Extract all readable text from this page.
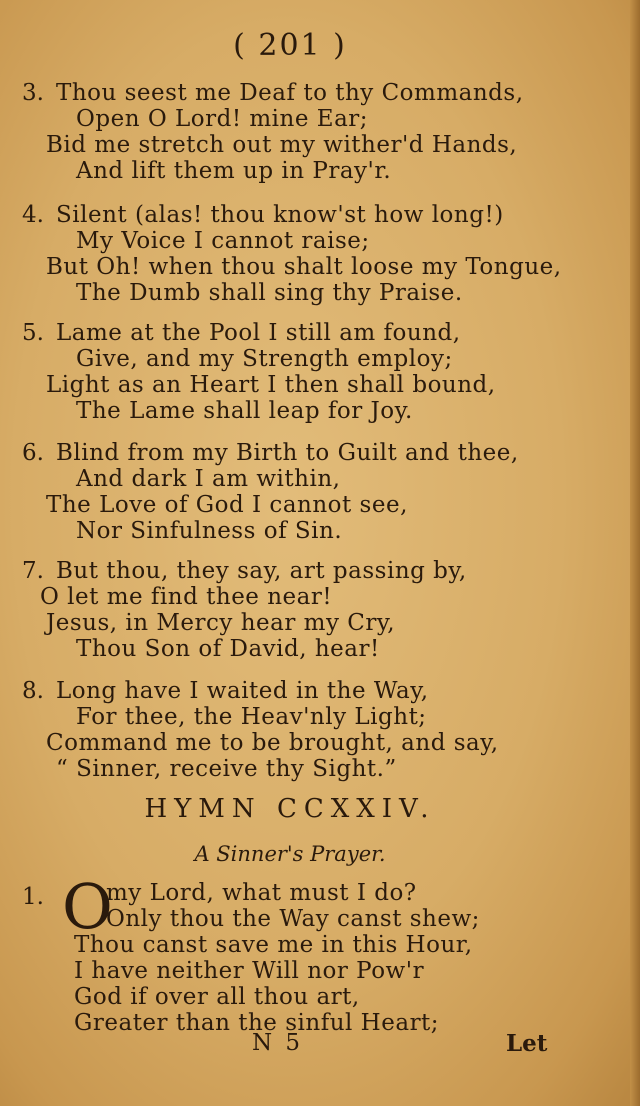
( 201 )
3. Thou seest me Deaf to thy Commands,
Open O Lord! mine Ear;
Bid me stretch out my wither'd Hands,
And lift them up in Pray'r.
4. Silent (alas! thou know'st how long!)
My Voice I cannot raise;
But Oh! when thou shalt loose my Tongue,
The Dumb shall sing thy Praise.
5. Lame at the Pool I still am found,
Give, and my Strength employ;
Light as an Heart I then shall bound,
The Lame shall leap for Joy.
6. Blind from my Birth to Guilt and thee,
And dark I am within,
The Love of God I cannot see,
Nor Sinfulness of Sin.
7. But thou, they say, art passing by,
O let me find thee near!
Jesus, in Mercy hear my Cry,
Thou Son of David, hear!
8. Long have I waited in the Way,
For thee, the Heav'nly Light;
Command me to be brought, and say,
“ Sinner, receive thy Sight.”
HYMN CCXXIV.
A Sinner's Prayer.
1. O
my Lord, what must I do?
Only thou the Way canst shew;
Thou canst save me in this Hour,
I have neither Will nor Pow'r
God if over all thou art,
Greater than the sinful Heart;
N 5	Let
